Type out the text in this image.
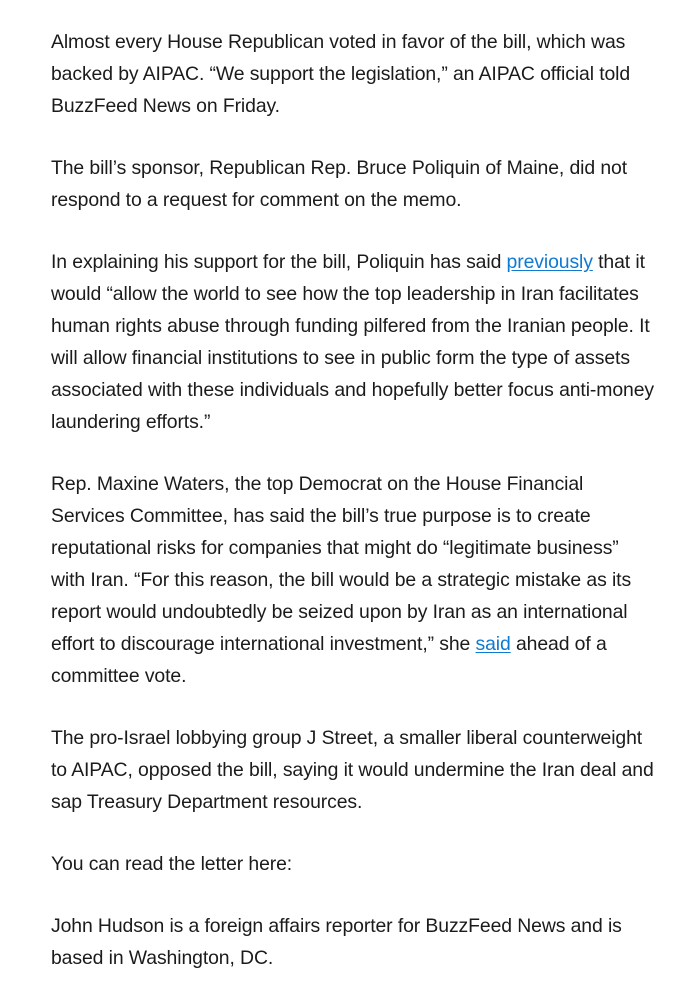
Almost every House Republican voted in favor of the bill, which was backed by AIPAC. “We support the legislation,” an AIPAC official told BuzzFeed News on Friday.

The bill’s sponsor, Republican Rep. Bruce Poliquin of Maine, did not respond to a request for comment on the memo.

In explaining his support for the bill, Poliquin has said previously that it would “allow the world to see how the top leadership in Iran facilitates human rights abuse through funding pilfered from the Iranian people. It will allow financial institutions to see in public form the type of assets associated with these individuals and hopefully better focus anti-money laundering efforts.”

Rep. Maxine Waters, the top Democrat on the House Financial Services Committee, has said the bill’s true purpose is to create reputational risks for companies that might do “legitimate business” with Iran. “For this reason, the bill would be a strategic mistake as its report would undoubtedly be seized upon by Iran as an international effort to discourage international investment,” she said ahead of a committee vote.

The pro-Israel lobbying group J Street, a smaller liberal counterweight to AIPAC, opposed the bill, saying it would undermine the Iran deal and sap Treasury Department resources.

You can read the letter here:

John Hudson is a foreign affairs reporter for BuzzFeed News and is based in Washington, DC.
